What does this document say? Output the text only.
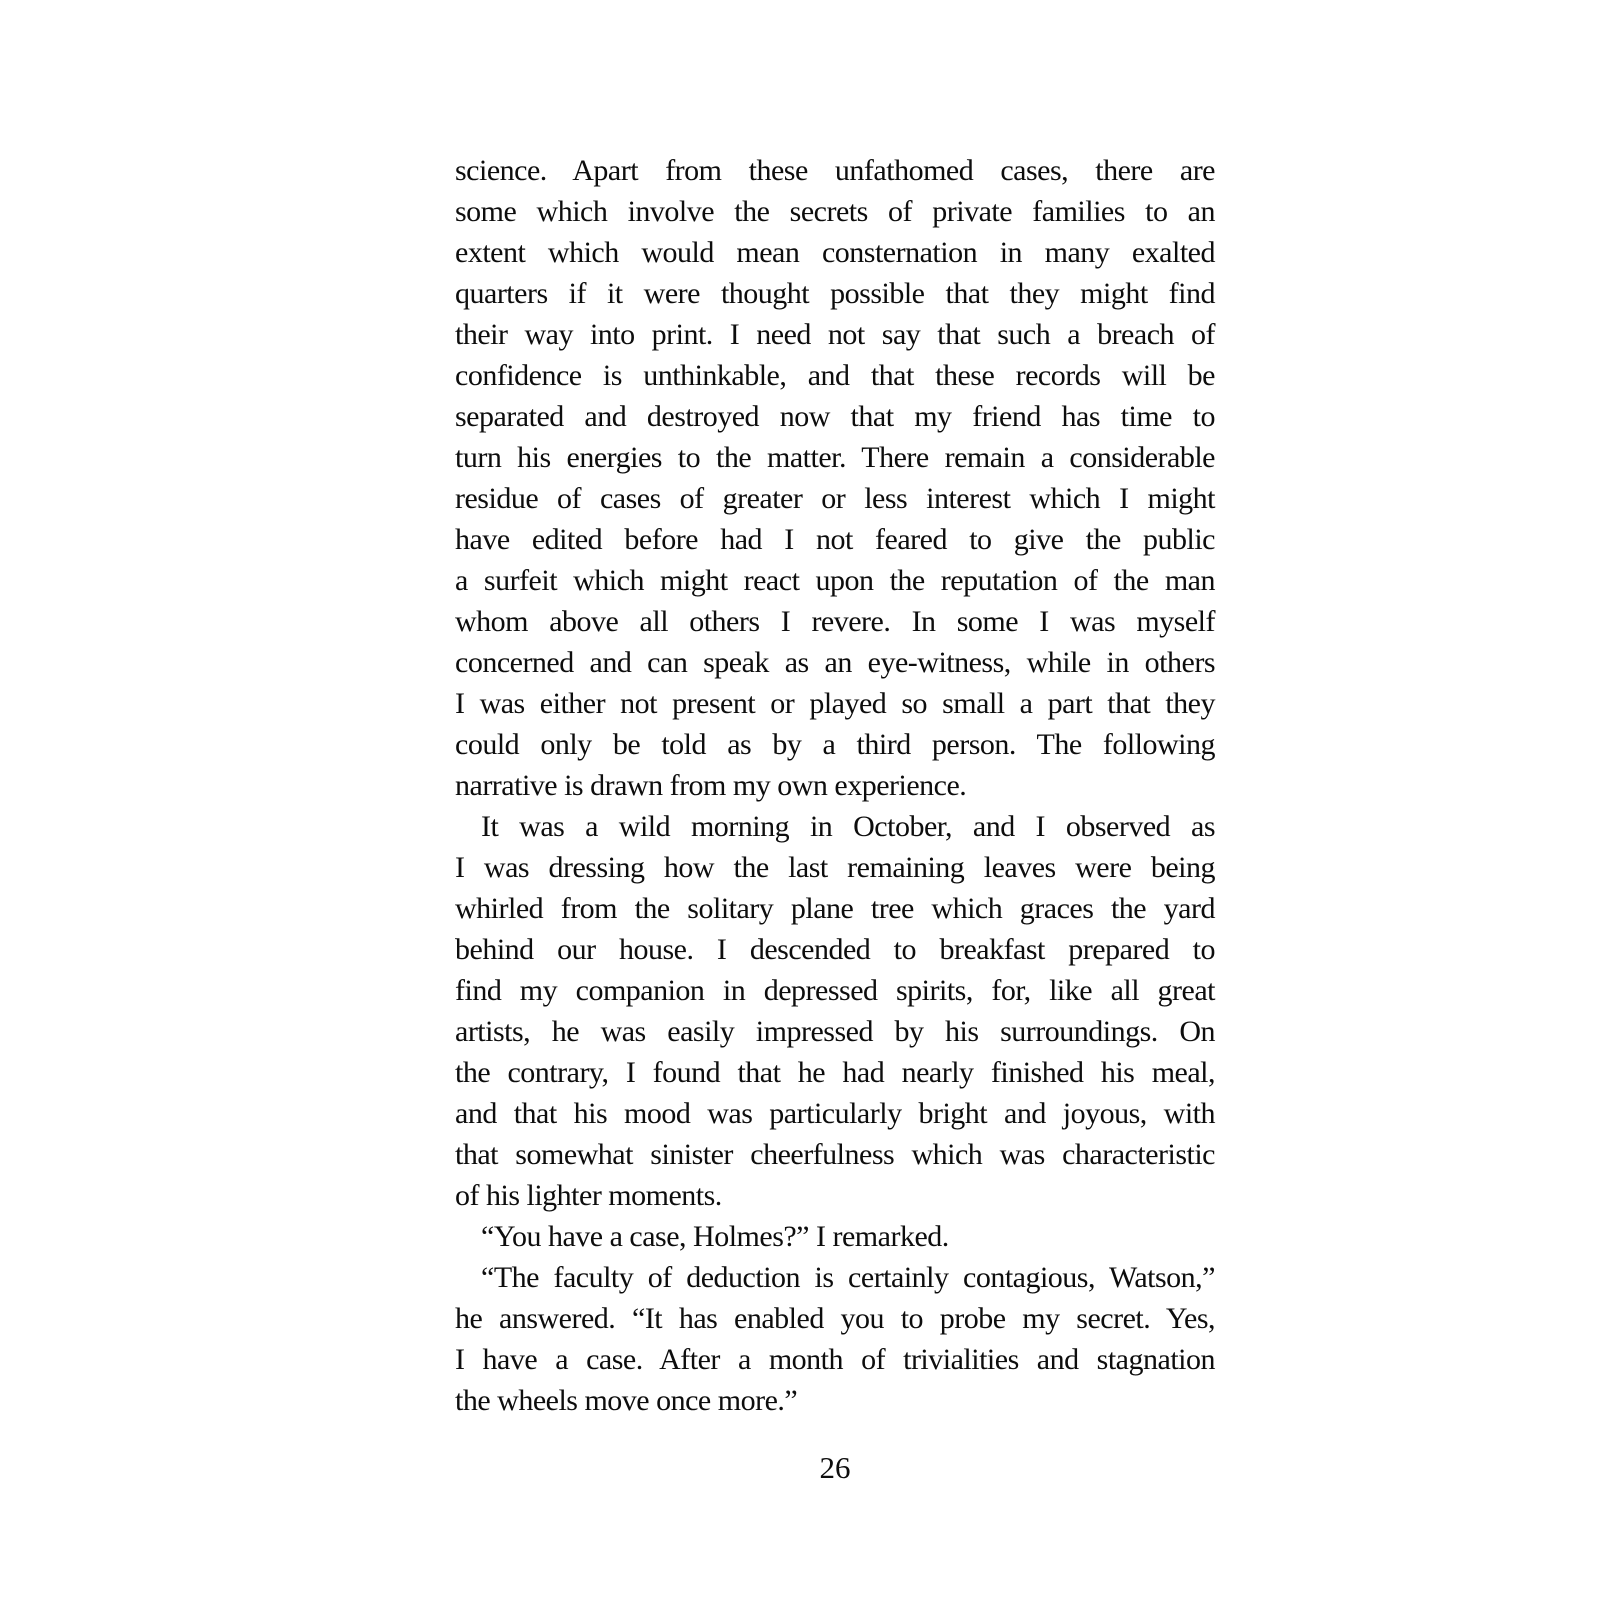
science. Apart from these unfathomed cases, there are
some which involve the secrets of private families to an
extent which would mean consternation in many exalted
quarters if it were thought possible that they might find
their way into print. I need not say that such a breach of
confidence is unthinkable, and that these records will be
separated and destroyed now that my friend has time to
turn his energies to the matter. There remain a considerable
residue of cases of greater or less interest which I might
have edited before had I not feared to give the public
a surfeit which might react upon the reputation of the man
whom above all others I revere. In some I was myself
concerned and can speak as an eye-witness, while in others
I was either not present or played so small a part that they
could only be told as by a third person. The following
narrative is drawn from my own experience.
It was a wild morning in October, and I observed as
I was dressing how the last remaining leaves were being
whirled from the solitary plane tree which graces the yard
behind our house. I descended to breakfast prepared to
find my companion in depressed spirits, for, like all great
artists, he was easily impressed by his surroundings. On
the contrary, I found that he had nearly finished his meal,
and that his mood was particularly bright and joyous, with
that somewhat sinister cheerfulness which was characteristic
of his lighter moments.
“You have a case, Holmes?” I remarked.
“The faculty of deduction is certainly contagious, Watson,”
he answered. “It has enabled you to probe my secret. Yes,
I have a case. After a month of trivialities and stagnation
the wheels move once more.”
26
